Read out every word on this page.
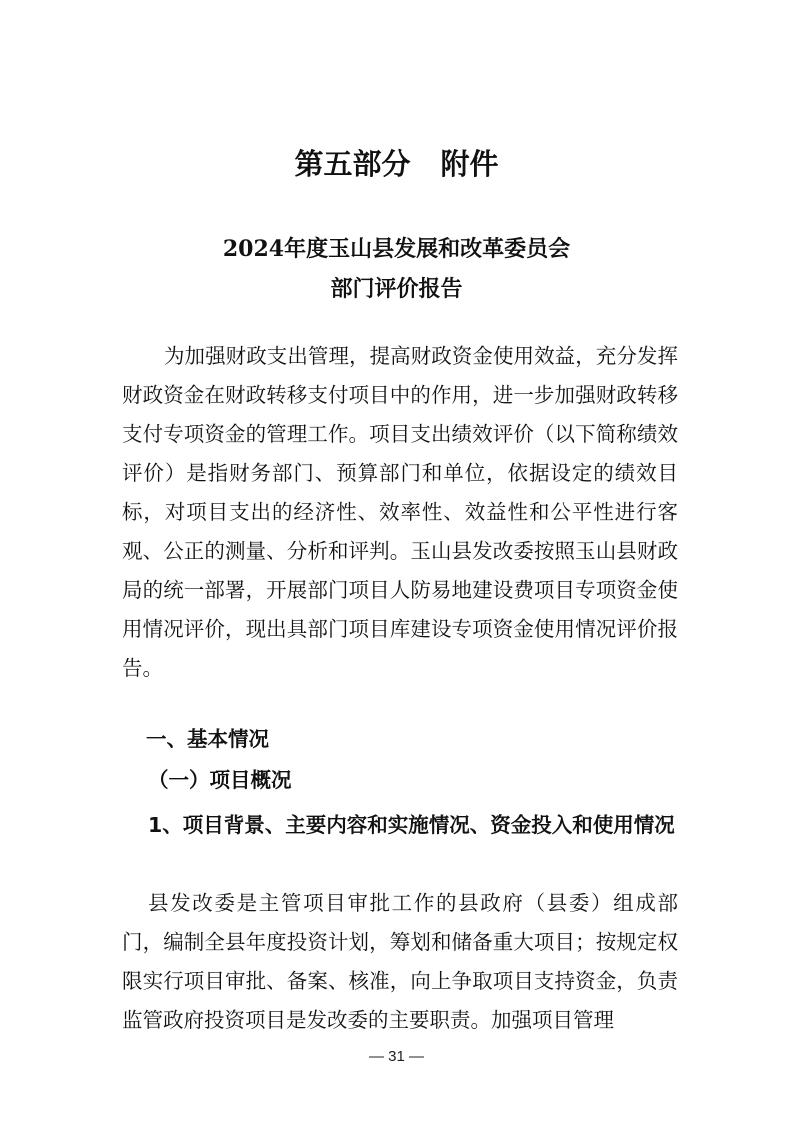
第五部分 附件
2024年度玉山县发展和改革委员会
部门评价报告

为加强财政支出管理，提高财政资金使用效益，充分发挥财政资金在财政转移支付项目中的作用，进一步加强财政转移支付专项资金的管理工作。项目支出绩效评价（以下简称绩效评价）是指财务部门、预算部门和单位，依据设定的绩效目标，对项目支出的经济性、效率性、效益性和公平性进行客观、公正的测量、分析和评判。玉山县发改委按照玉山县财政局的统一部署，开展部门项目人防易地建设费项目专项资金使用情况评价，现出具部门项目库建设专项资金使用情况评价报告。

一、基本情况

（一）项目概况

1、项目背景、主要内容和实施情况、资金投入和使用情况

县发改委是主管项目审批工作的县政府（县委）组成部门，编制全县年度投资计划，筹划和储备重大项目；按规定权限实行项目审批、备案、核准，向上争取项目支持资金，负责监管政府投资项目是发改委的主要职责。加强项目管理

— 31 —
